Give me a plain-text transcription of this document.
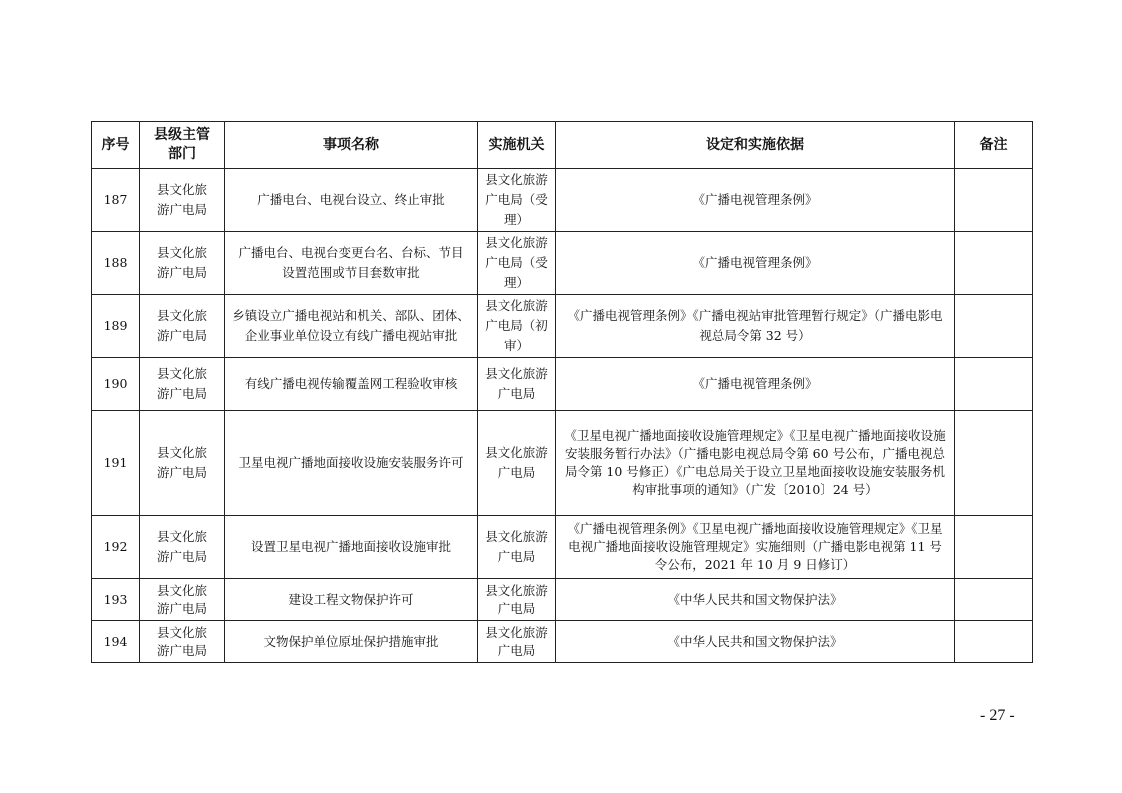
序号	县级主管部门	事项名称	实施机关	设定和实施依据	备注
187	县文化旅游广电局	广播电台、电视台设立、终止审批	县文化旅游广电局（受理）	《广播电视管理条例》	
188	县文化旅游广电局	广播电台、电视台变更台名、台标、节目设置范围或节目套数审批	县文化旅游广电局（受理）	《广播电视管理条例》	
189	县文化旅游广电局	乡镇设立广播电视站和机关、部队、团体、企业事业单位设立有线广播电视站审批	县文化旅游广电局（初审）	《广播电视管理条例》《广播电视站审批管理暂行规定》（广播电影电视总局令第 32 号）	

190	县文化旅游广电局	有线广播电视传输覆盖网工程验收审核	县文化旅游广电局	《广播电视管理条例》	
191	县文化旅游广电局	卫星电视广播地面接收设施安装服务许可	县文化旅游广电局	《卫星电视广播地面接收设施管理规定》《卫星电视广播地面接收设施安装服务暂行办法》（广播电影电视总局令第 60 号公布，广播电视总局令第 10 号修正）《广电总局关于设立卫星地面接收设施安装服务机构审批事项的通知》（广发〔2010〕24 号）	

192	县文化旅游广电局	设置卫星电视广播地面接收设施审批	县文化旅游广电局	《广播电视管理条例》《卫星电视广播地面接收设施管理规定》《卫星电视广播地面接收设施管理规定》实施细则（广播电影电视第 11 号令公布，2021 年 10 月 9 日修订）	

193	县文化旅游广电局	建设工程文物保护许可	县文化旅游广电局	《中华人民共和国文物保护法》	
194	县文化旅游广电局	文物保护单位原址保护措施审批	县文化旅游广电局	《中华人民共和国文物保护法》	
- 27 -
